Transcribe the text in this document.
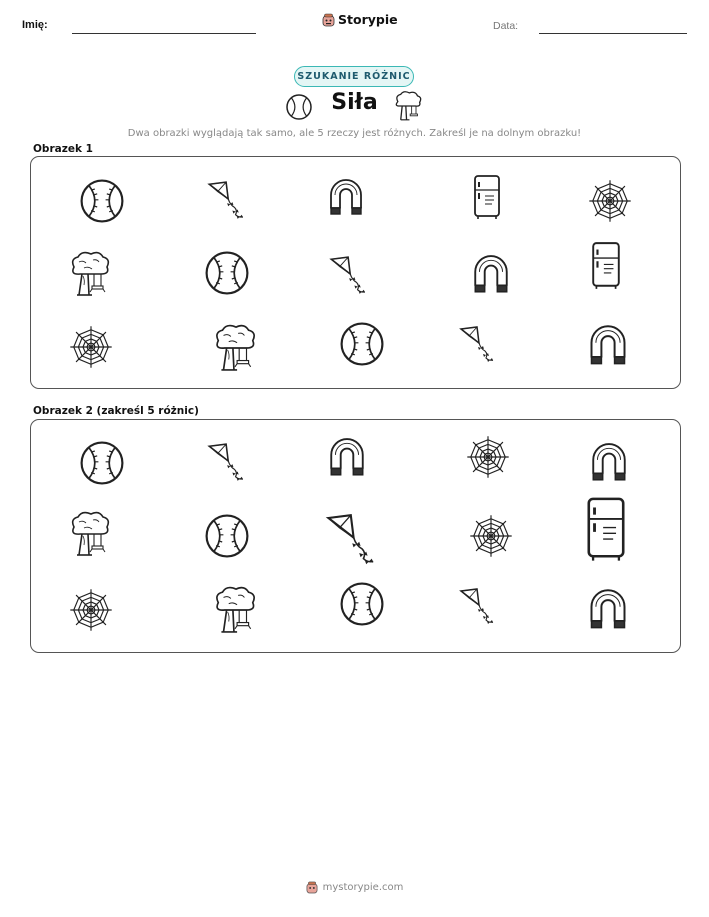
Imię:	Storypie	Data:
SZUKANIE RÓŻNIC
Siła
Dwa obrazki wyglądają tak samo, ale 5 rzeczy jest różnych. Zakreśl je na dolnym obrazku!
Obrazek 1
Obrazek 2 (zakreśl 5 różnic)
mystorypie.com
